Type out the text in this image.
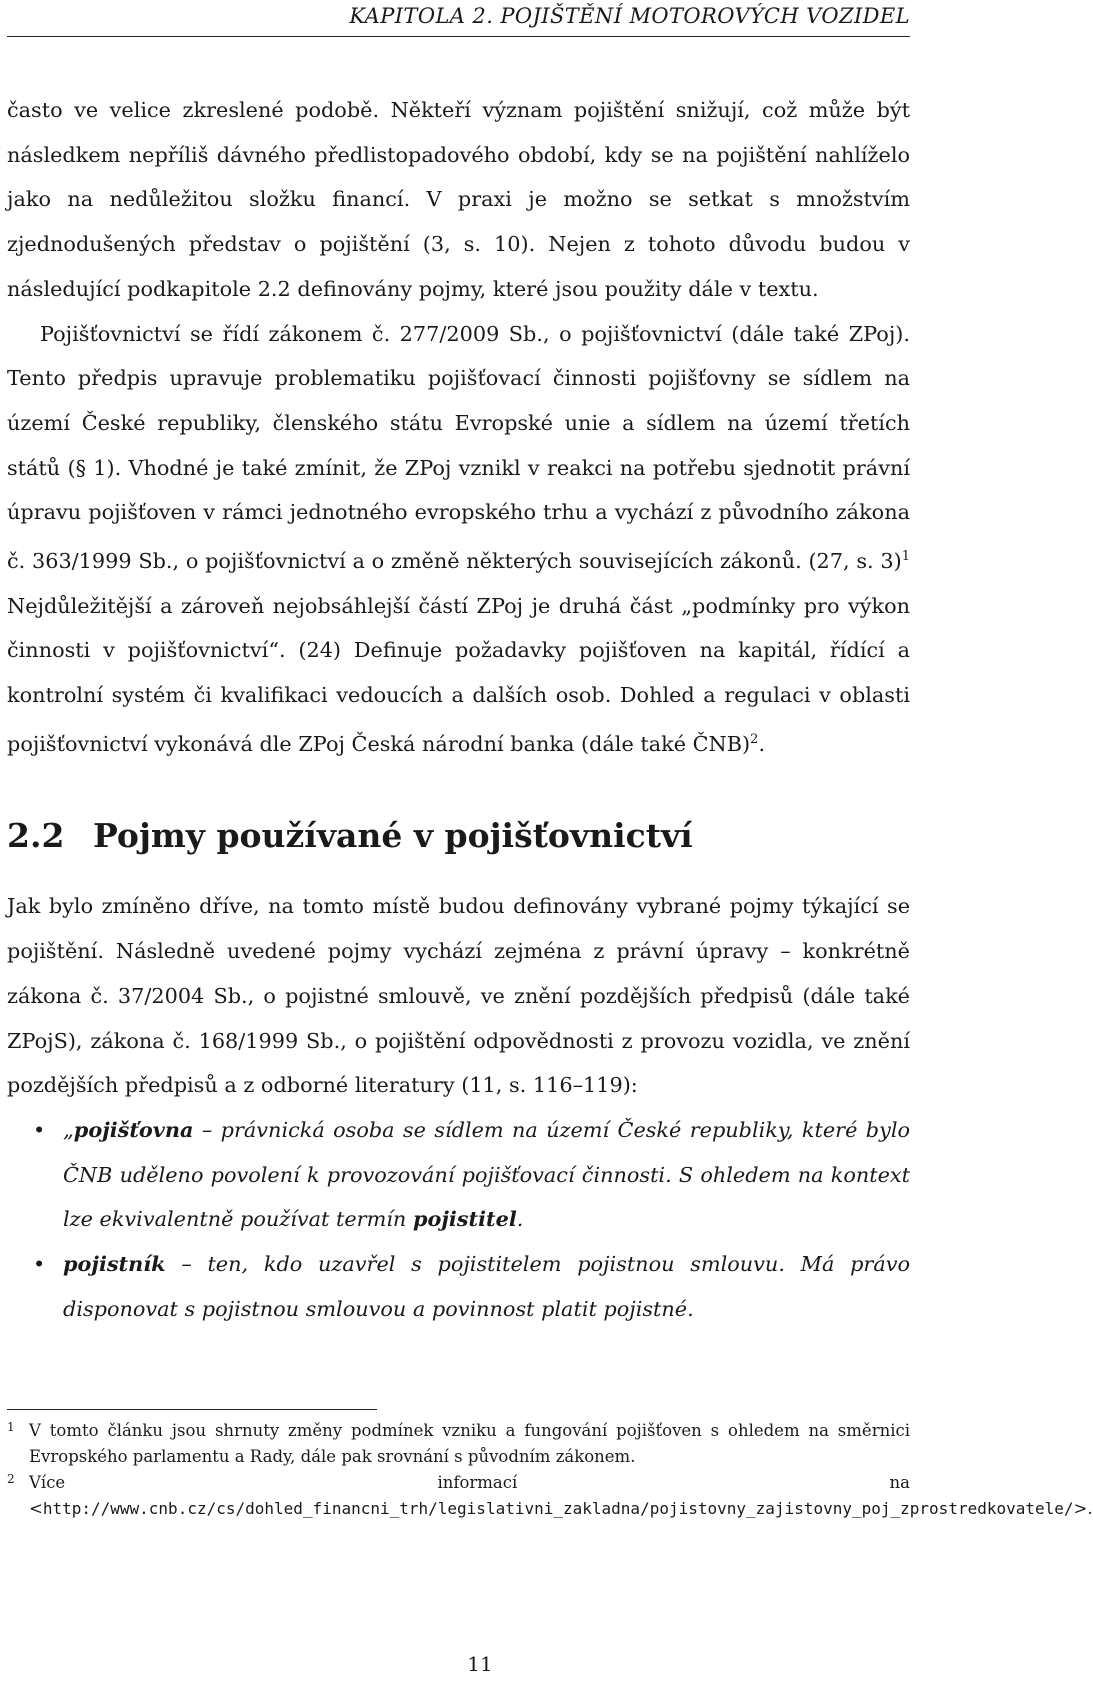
KAPITOLA 2. POJIŠTĚNÍ MOTOROVÝCH VOZIDEL

často ve velice zkreslené podobě. Někteří význam pojištění snižují, což může být následkem nepříliš dávného předlistopadového období, kdy se na pojištění nahlíželo jako na nedůležitou složku financí. V praxi je možno se setkat s množstvím zjednodušených představ o pojištění (3, s. 10). Nejen z tohoto důvodu budou v následující podkapitole 2.2 definovány pojmy, které jsou použity dále v textu.

Pojišťovnictví se řídí zákonem č. 277/2009 Sb., o pojišťovnictví (dále také ZPoj). Tento předpis upravuje problematiku pojišťovací činnosti pojišťovny se sídlem na území České republiky, členského státu Evropské unie a sídlem na území třetích států (§ 1). Vhodné je také zmínit, že ZPoj vznikl v reakci na potřebu sjednotit právní úpravu pojišťoven v rámci jednotného evropského trhu a vychází z původního zákona č. 363/1999 Sb., o pojišťovnictví a o změně některých souvisejících zákonů. (27, s. 3)$^1$ Nejdůležitější a zároveň nejobsáhlejší částí ZPoj je druhá část „podmínky pro výkon činnosti v pojišťovnictví“. (24) Definuje požadavky pojišťoven na kapitál, řídící a kontrolní systém či kvalifikaci vedoucích a dalších osob. Dohled a regulaci v oblasti pojišťovnictví vykonává dle ZPoj Česká národní banka (dále také ČNB)$^2$.

2.2 Pojmy používané v pojišťovnictví

Jak bylo zmíněno dříve, na tomto místě budou definovány vybrané pojmy týkající se pojištění. Následně uvedené pojmy vychází zejména z právní úpravy – konkrétně zákona č. 37/2004 Sb., o pojistné smlouvě, ve znění pozdějších předpisů (dále také ZPojS), zákona č. 168/1999 Sb., o pojištění odpovědnosti z provozu vozidla, ve znění pozdějších předpisů a z odborné literatury (11, s. 116–119):

• „pojišťovna – právnická osoba se sídlem na území České republiky, které bylo ČNB uděleno povolení k provozování pojišťovací činnosti. S ohledem na kontext lze ekvivalentně používat termín pojistitel.
• pojistník – ten, kdo uzavřel s pojistitelem pojistnou smlouvu. Má právo disponovat s pojistnou smlouvou a povinnost platit pojistné.

1 V tomto článku jsou shrnuty změny podmínek vzniku a fungování pojišťoven s ohledem na směrnici Evropského parlamentu a Rady, dále pak srovnání s původním zákonem.

2 Více informací na <http://www.cnb.cz/cs/dohled_financni_trh/legislativni_zakladna/pojistovny_zajistovny_poj_zprostredkovatele/>.

11
